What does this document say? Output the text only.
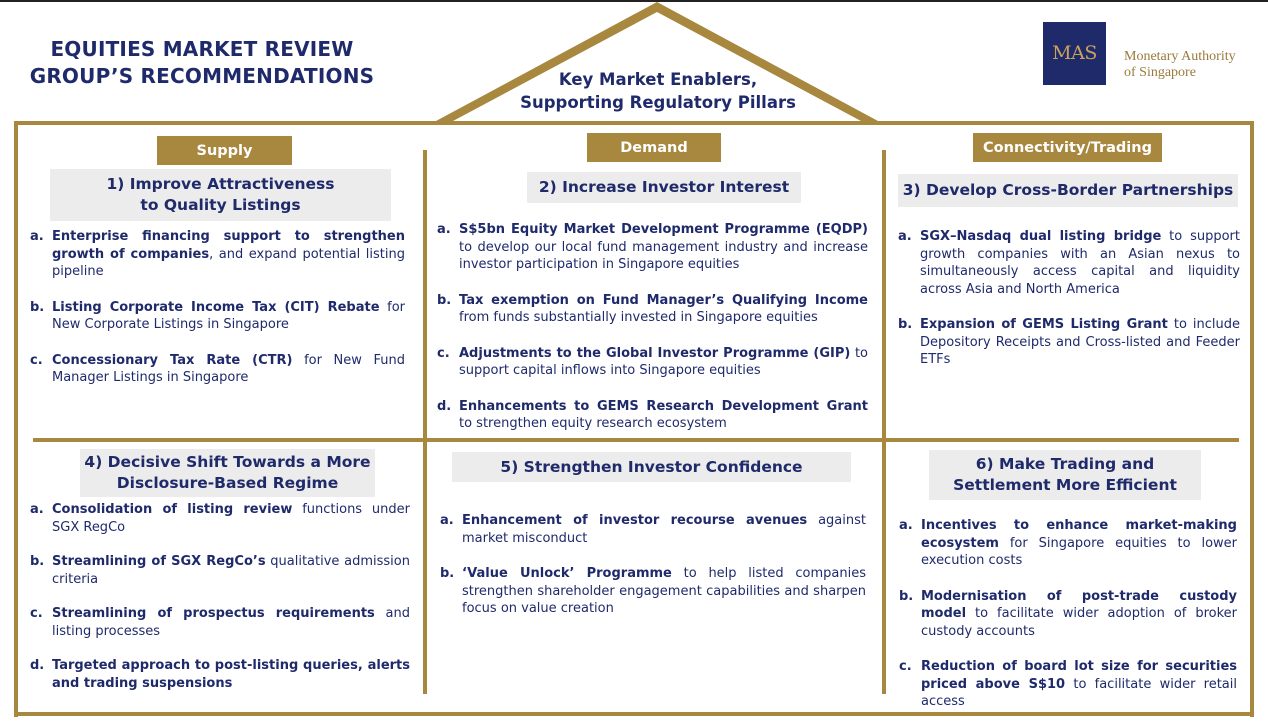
EQUITIES MARKET REVIEW
GROUP’S RECOMMENDATIONS	Key Market Enablers,
Supporting Regulatory Pillars
MAS	Monetary Authority
of Singapore
Supply	Demand	Connectivity/Trading
1) Improve Attractiveness
to Quality Listings
2) Increase Investor Interest	3) Develop Cross-Border Partnerships
4) Decisive Shift Towards a More
Disclosure-Based Regime
5) Strengthen Investor Confidence	6) Make Trading and
Settlement More Efficient
a. Enterprise financing support to strengthen growth of companies, and expand potential listing pipeline
b. Listing Corporate Income Tax (CIT) Rebate for New Corporate Listings in Singapore
c. Concessionary Tax Rate (CTR) for New Fund Manager Listings in Singapore
a. S$5bn Equity Market Development Programme (EQDP) to develop our local fund management industry and increase investor participation in Singapore equities
b. Tax exemption on Fund Manager’s Qualifying Income from funds substantially invested in Singapore equities
c. Adjustments to the Global Investor Programme (GIP) to support capital inflows into Singapore equities
d. Enhancements to GEMS Research Development Grant to strengthen equity research ecosystem
a. SGX–Nasdaq dual listing bridge to support growth companies with an Asian nexus to simultaneously access capital and liquidity across Asia and North America
b. Expansion of GEMS Listing Grant to include Depository Receipts and Cross-listed and Feeder ETFs
a. Consolidation of listing review functions under SGX RegCo
b. Streamlining of SGX RegCo’s qualitative admission criteria
c. Streamlining of prospectus requirements and listing processes
d. Targeted approach to post-listing queries, alerts and trading suspensions
a. Enhancement of investor recourse avenues against market misconduct
b. ‘Value Unlock’ Programme to help listed companies strengthen shareholder engagement capabilities and sharpen focus on value creation
a. Incentives to enhance market-making ecosystem for Singapore equities to lower execution costs
b. Modernisation of post-trade custody model to facilitate wider adoption of broker custody accounts
c. Reduction of board lot size for securities priced above S$10 to facilitate wider retail access
